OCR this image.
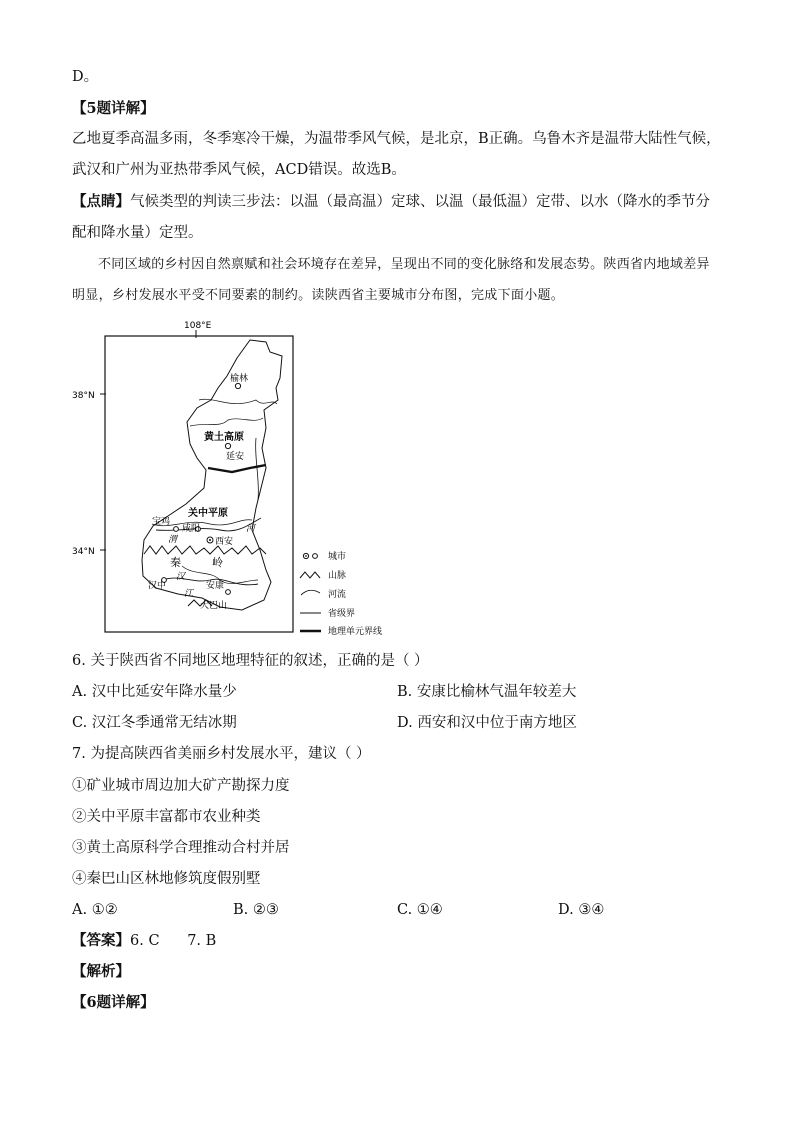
D。
【5题详解】
乙地夏季高温多雨，冬季寒冷干燥，为温带季风气候，是北京，B正确。乌鲁木齐是温带大陆性气候，武汉和广州为亚热带季风气候，ACD错误。故选B。
【点睛】气候类型的判读三步法：以温（最高温）定球、以温（最低温）定带、以水（降水的季节分配和降水量）定型。
不同区域的乡村因自然禀赋和社会环境存在差异，呈现出不同的变化脉络和发展态势。陕西省内地域差异明显，乡村发展水平受不同要素的制约。读陕西省主要城市分布图，完成下面小题。
108°E
38°N
34°N
榆林
黄土高原
延安
关中平原
宝鸡
咸阳
渭
河
西安
秦	岭
汉中
汉
江
安康
大巴山
城市
山脉
河流
省级界
地理单元界线
6. 关于陕西省不同地区地理特征的叙述，正确的是（ ）
A. 汉中比延安年降水量少	B. 安康比榆林气温年较差大
C. 汉江冬季通常无结冰期	D. 西安和汉中位于南方地区
7. 为提高陕西省美丽乡村发展水平，建议（ ）
①矿业城市周边加大矿产勘探力度
②关中平原丰富都市农业种类
③黄土高原科学合理推动合村并居
④秦巴山区林地修筑度假别墅
A. ①②	B. ②③	C. ①④	D. ③④
【答案】6. C      7. B
【解析】
【6题详解】
